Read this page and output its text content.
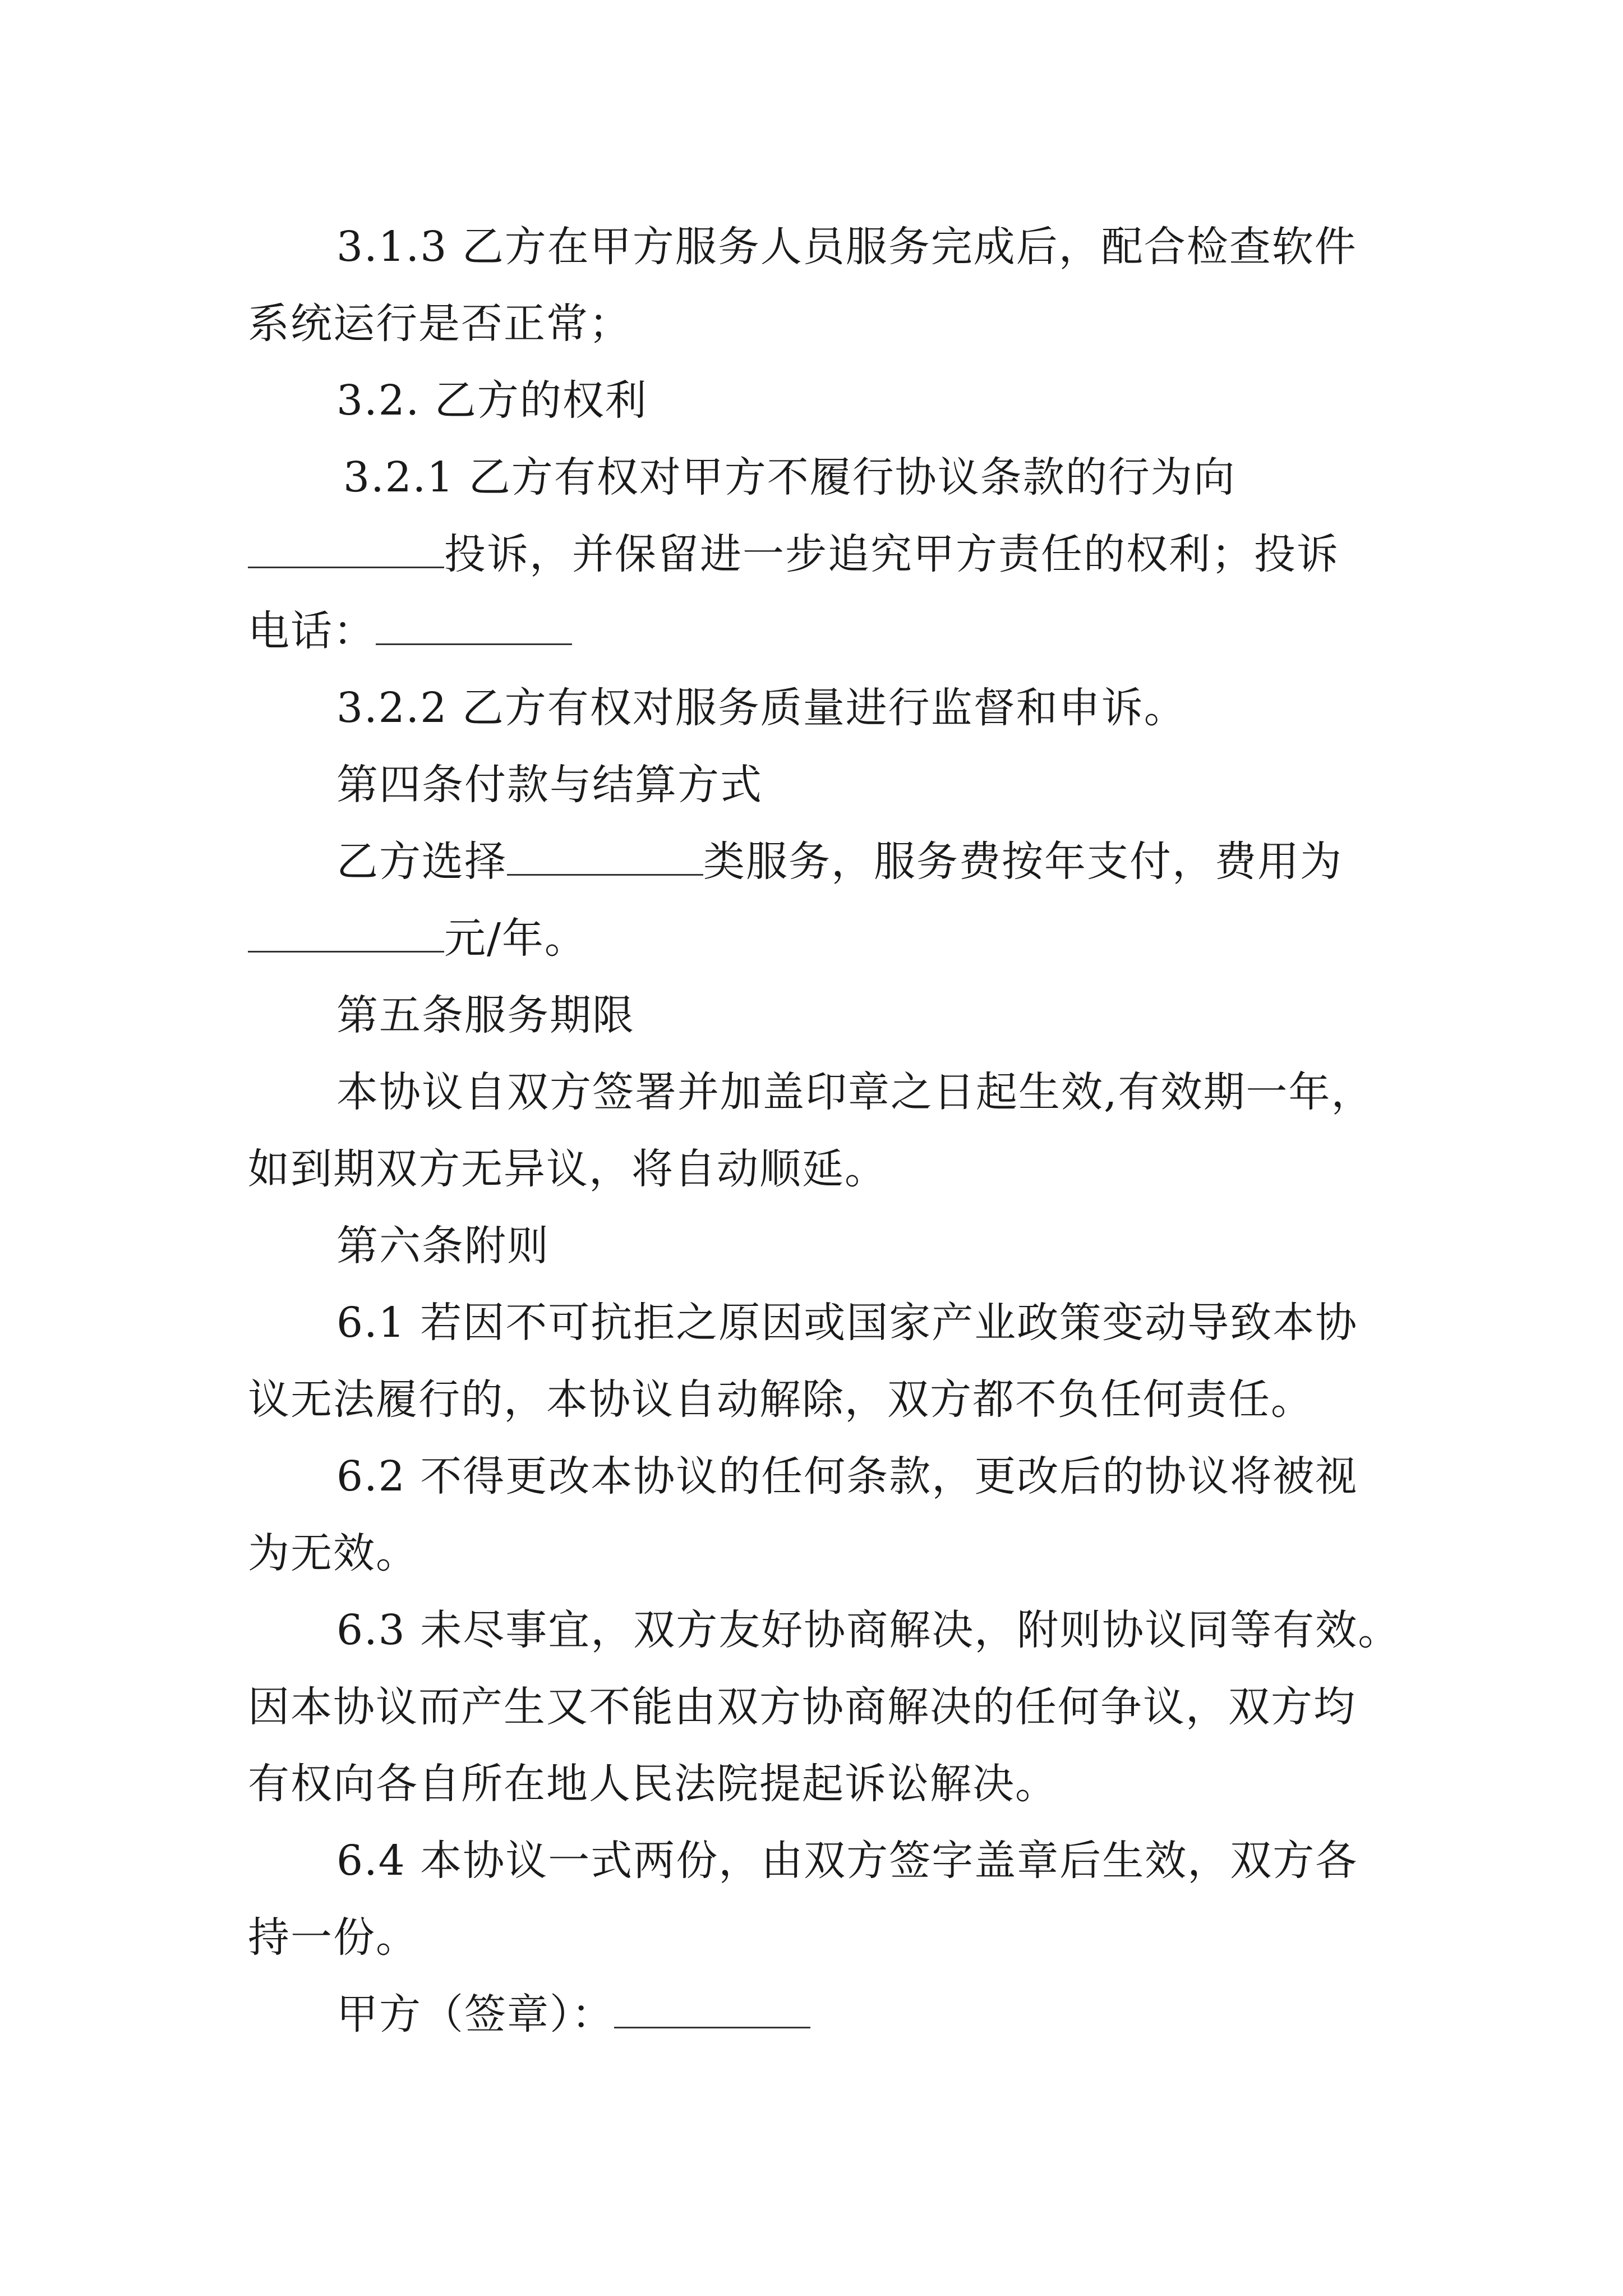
3.1.3 乙方在甲方服务人员服务完成后，配合检查软件
系统运行是否正常；
3.2. 乙方的权利
3.2.1 乙方有权对甲方不履行协议条款的行为向
投诉，并保留进一步追究甲方责任的权利；投诉
电话：
3.2.2 乙方有权对服务质量进行监督和申诉。
第四条付款与结算方式
乙方选择	类服务，服务费按年支付，费用为
元/年。
第五条服务期限
本协议自双方签署并加盖印章之日起生效,有效期一年，
如到期双方无异议，将自动顺延。
第六条附则
6.1 若因不可抗拒之原因或国家产业政策变动导致本协
议无法履行的，本协议自动解除，双方都不负任何责任。
6.2 不得更改本协议的任何条款，更改后的协议将被视
为无效。
6.3 未尽事宜，双方友好协商解决，附则协议同等有效。
因本协议而产生又不能由双方协商解决的任何争议，双方均
有权向各自所在地人民法院提起诉讼解决。
6.4 本协议一式两份，由双方签字盖章后生效，双方各
持一份。
甲方（签章）：
